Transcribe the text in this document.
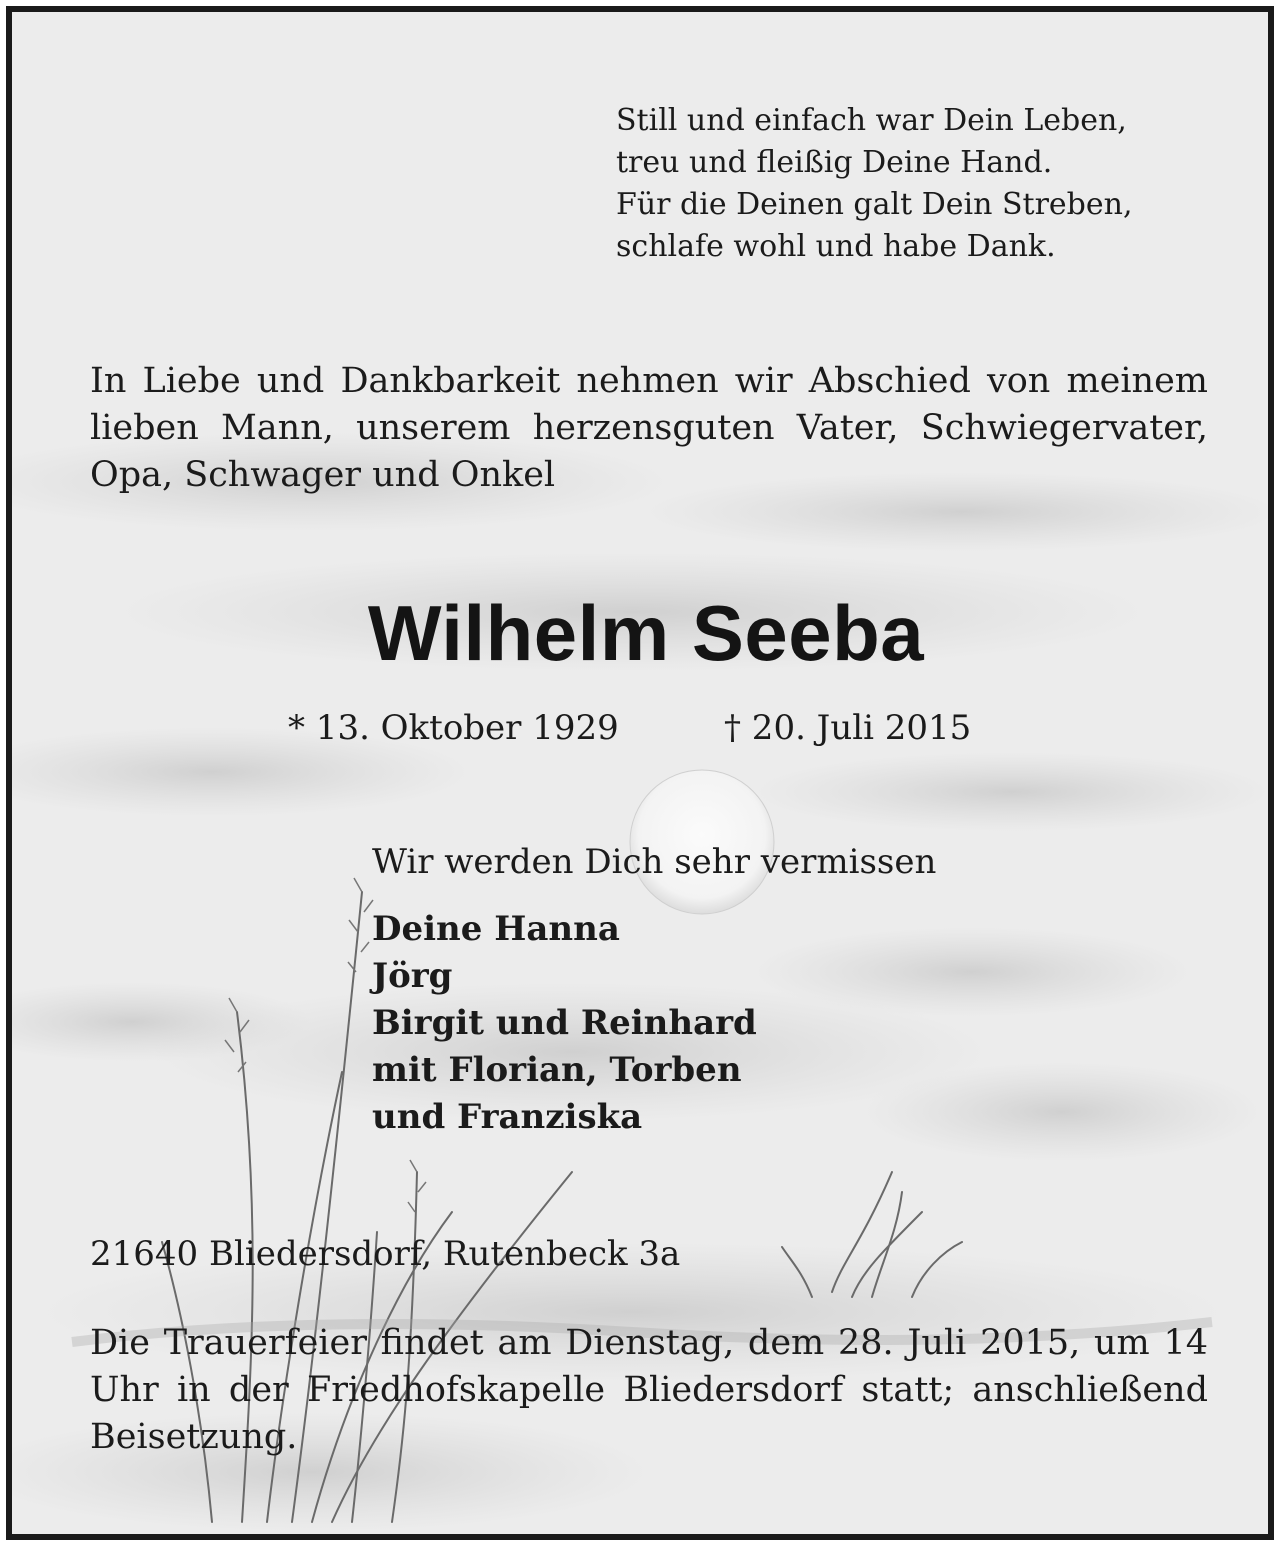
Still und einfach war Dein Leben,
treu und fleißig Deine Hand.
Für die Deinen galt Dein Streben,
schlafe wohl und habe Dank.
In Liebe und Dankbarkeit nehmen wir Abschied von meinem lieben Mann, unserem herzensguten Vater, Schwiegervater, Opa, Schwager und Onkel
Wilhelm Seeba
* 13. Oktober 1929	† 20. Juli 2015
Wir werden Dich sehr vermissen
Deine Hanna
Jörg
Birgit und Reinhard
mit Florian, Torben
und Franziska
21640 Bliedersdorf, Rutenbeck 3a
Die Trauerfeier findet am Dienstag, dem 28. Juli 2015, um 14 Uhr in der Friedhofskapelle Bliedersdorf statt; anschließend Beisetzung.
